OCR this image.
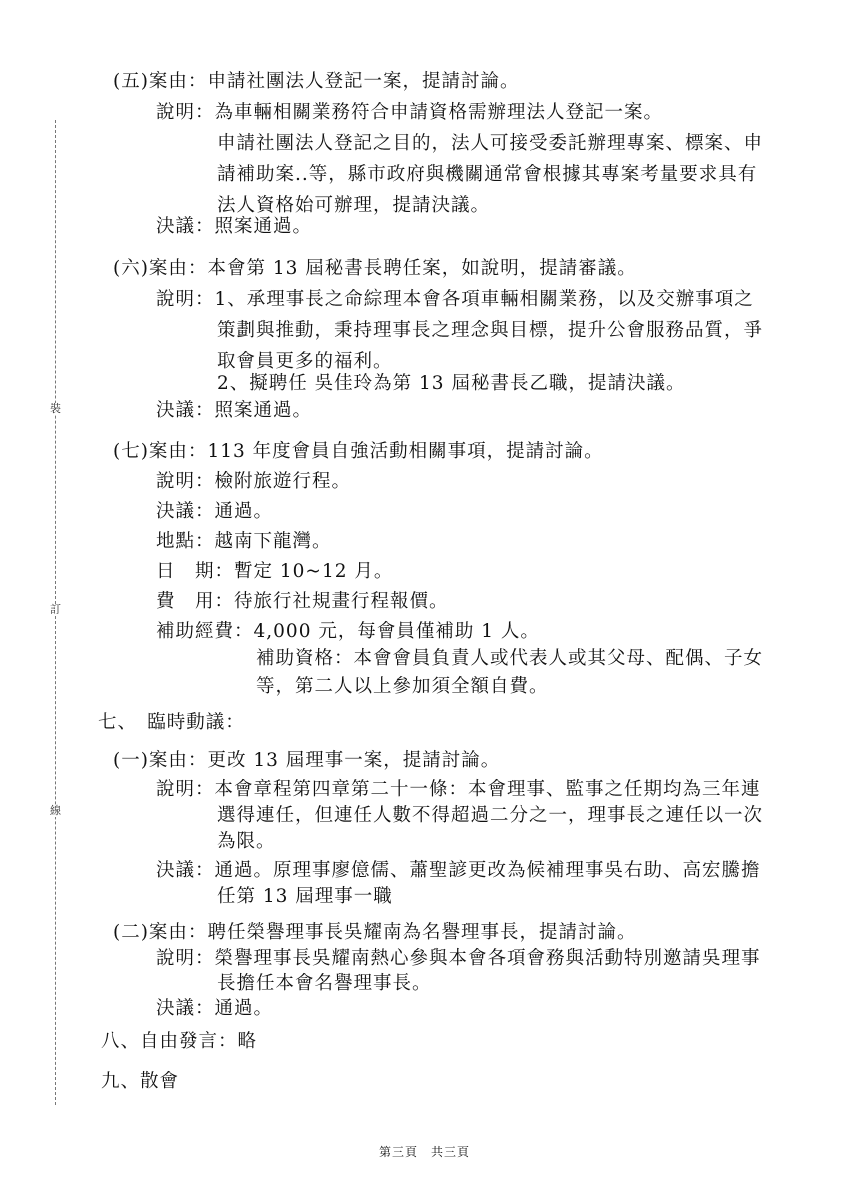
裝
訂
線
(五)案由：申請社團法人登記一案，提請討論。
說明：為車輛相關業務符合申請資格需辦理法人登記一案。
申請社團法人登記之目的，法人可接受委託辦理專案、標案、申
請補助案..等，縣市政府與機關通常會根據其專案考量要求具有
法人資格始可辦理，提請決議。
決議：照案通過。
(六)案由：本會第 13 屆秘書長聘任案，如說明，提請審議。
說明：1、承理事長之命綜理本會各項車輛相關業務，以及交辦事項之
策劃與推動，秉持理事長之理念與目標，提升公會服務品質，爭
取會員更多的福利。
2、擬聘任 吳佳玲為第 13 屆秘書長乙職，提請決議。
決議：照案通過。
(七)案由：113 年度會員自強活動相關事項，提請討論。
說明：檢附旅遊行程。
決議：通過。
地點：越南下龍灣。
日　期：暫定 10~12 月。
費　用：待旅行社規畫行程報價。
補助經費：4,000 元，每會員僅補助 1 人。
補助資格：本會會員負責人或代表人或其父母、配偶、子女
等，第二人以上參加須全額自費。
七、　臨時動議：
(一)案由：更改 13 屆理事一案，提請討論。
說明：本會章程第四章第二十一條：本會理事、監事之任期均為三年連
選得連任，但連任人數不得超過二分之一，理事長之連任以一次
為限。
決議：通過。原理事廖億儒、蕭聖諺更改為候補理事吳右助、高宏騰擔
任第 13 屆理事一職
(二)案由：聘任榮譽理事長吳耀南為名譽理事長，提請討論。
說明：榮譽理事長吳耀南熱心參與本會各項會務與活動特別邀請吳理事
長擔任本會名譽理事長。
決議：通過。
八、自由發言：略
九、散會
第三頁　共三頁
